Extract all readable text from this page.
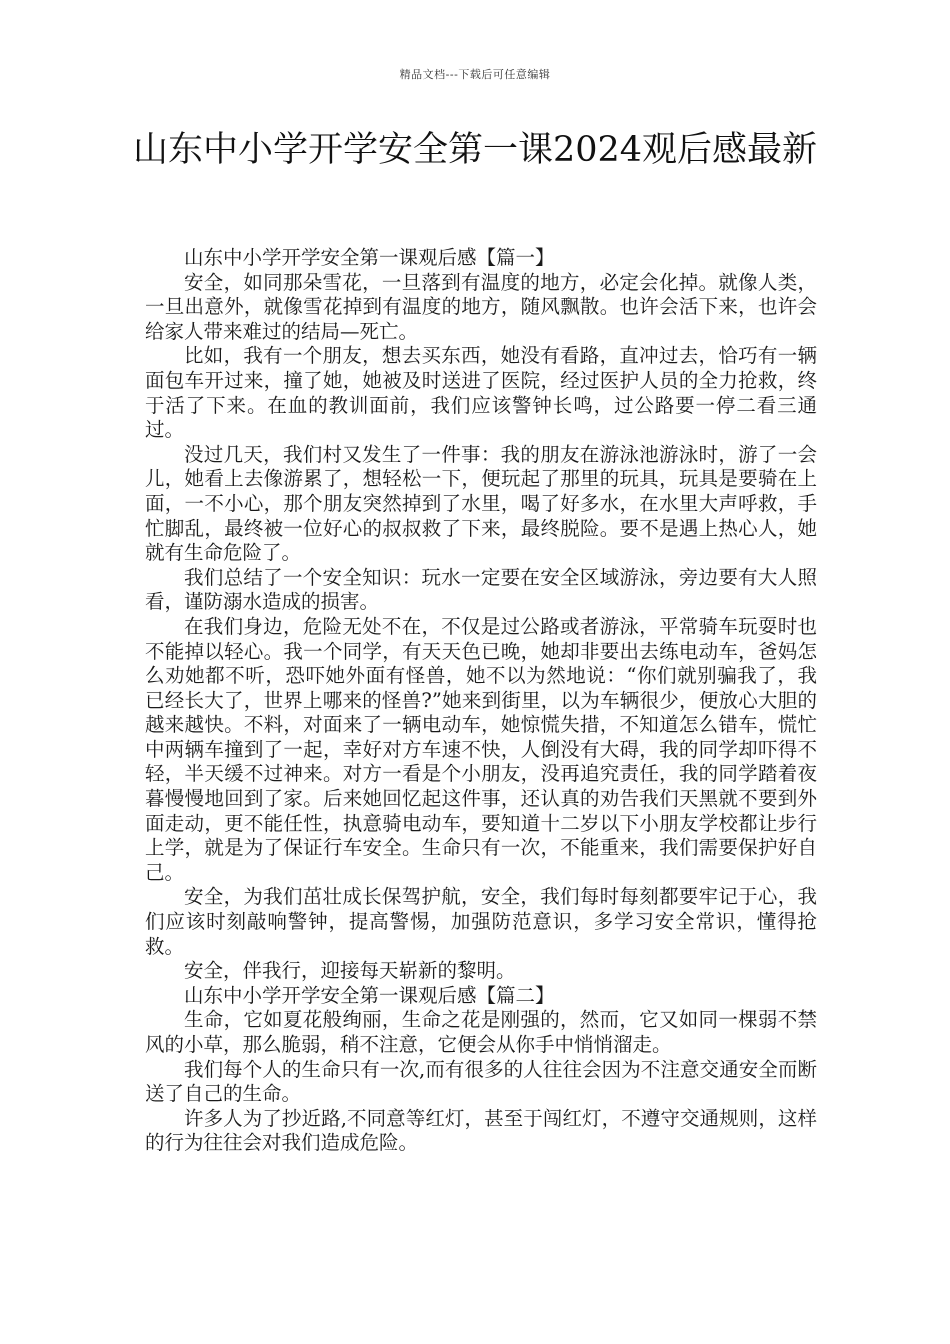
精品文档---下载后可任意编辑
山东中小学开学安全第一课2024观后感最新

山东中小学开学安全第一课观后感【篇一】

安全，如同那朵雪花，一旦落到有温度的地方，必定会化掉。就像人类，一旦出意外，就像雪花掉到有温度的地方，随风飘散。也许会活下来，也许会给家人带来难过的结局—死亡。

比如，我有一个朋友，想去买东西，她没有看路，直冲过去，恰巧有一辆面包车开过来，撞了她，她被及时送进了医院，经过医护人员的全力抢救，终于活了下来。在血的教训面前，我们应该警钟长鸣，过公路要一停二看三通过。

没过几天，我们村又发生了一件事：我的朋友在游泳池游泳时，游了一会儿，她看上去像游累了，想轻松一下，便玩起了那里的玩具，玩具是要骑在上面，一不小心，那个朋友突然掉到了水里，喝了好多水，在水里大声呼救，手忙脚乱，最终被一位好心的叔叔救了下来，最终脱险。要不是遇上热心人，她就有生命危险了。

我们总结了一个安全知识：玩水一定要在安全区域游泳，旁边要有大人照看，谨防溺水造成的损害。

在我们身边，危险无处不在，不仅是过公路或者游泳，平常骑车玩耍时也不能掉以轻心。我一个同学，有天天色已晚，她却非要出去练电动车，爸妈怎么劝她都不听，恐吓她外面有怪兽，她不以为然地说：“你们就别骗我了，我已经长大了，世界上哪来的怪兽?”她来到街里，以为车辆很少，便放心大胆的越来越快。不料，对面来了一辆电动车，她惊慌失措，不知道怎么错车，慌忙中两辆车撞到了一起，幸好对方车速不快，人倒没有大碍，我的同学却吓得不轻，半天缓不过神来。对方一看是个小朋友，没再追究责任，我的同学踏着夜暮慢慢地回到了家。后来她回忆起这件事，还认真的劝告我们天黑就不要到外面走动，更不能任性，执意骑电动车，要知道十二岁以下小朋友学校都让步行上学，就是为了保证行车安全。生命只有一次，不能重来，我们需要保护好自己。

安全，为我们茁壮成长保驾护航，安全，我们每时每刻都要牢记于心，我们应该时刻敲响警钟，提高警惕，加强防范意识，多学习安全常识，懂得抢救。

安全，伴我行，迎接每天崭新的黎明。

山东中小学开学安全第一课观后感【篇二】

生命，它如夏花般绚丽，生命之花是刚强的，然而，它又如同一棵弱不禁风的小草，那么脆弱，稍不注意，它便会从你手中悄悄溜走。

我们每个人的生命只有一次,而有很多的人往往会因为不注意交通安全而断送了自己的生命。

许多人为了抄近路,不同意等红灯，甚至于闯红灯，不遵守交通规则，这样的行为往往会对我们造成危险。
